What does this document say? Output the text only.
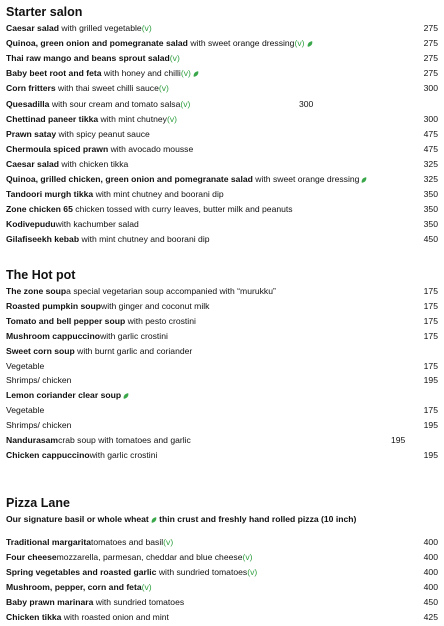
Starter salon
Caesar salad with grilled vegetable(v)	275
Quinoa, green onion and pomegranate salad with sweet orange dressing(v)	275
Thai raw mango and beans sprout salad(v)	275
Baby beet root and feta with honey and chilli(v)	275
Corn fritters with thai sweet chilli sauce(v)	300
Quesadilla with sour cream and tomato salsa(v)	300
Chettinad paneer tikka with mint chutney(v)	300
Prawn satay with spicy peanut sauce	475
Chermoula spiced prawn with avocado mousse	475
Caesar salad with chicken tikka	325
Quinoa, grilled chicken, green onion and pomegranate salad with sweet orange dressing	325
Tandoori murgh tikka with mint chutney and boorani dip	350
Zone chicken 65 chicken tossed with curry leaves, butter milk and peanuts	350
Kodivepuduwith kachumber salad	350
Gilafiseekh kebab with mint chutney and boorani dip	450
The Hot pot
The zone soupa special vegetarian soup accompanied with “murukku”	175
Roasted pumpkin soupwith ginger and coconut milk	175
Tomato and bell pepper soup with pesto crostini	175
Mushroom cappuccinowith garlic crostini	175
Sweet corn soup with burnt garlic and coriander
Vegetable	175
Shrimps/ chicken	195
Lemon coriander clear soup
Vegetable	175
Shrimps/ chicken	195
Nandurasamcrab soup with tomatoes and garlic	195
Chicken cappuccinowith garlic crostini	195
Pizza Lane
Our signature basil or whole wheat thin crust and freshly hand rolled pizza (10 inch)
Traditional margaritatomatoes and basil(v)	400
Four cheesemozzarella, parmesan, cheddar and blue cheese(v)	400
Spring vegetables and roasted garlic with sundried tomatoes(v)	400
Mushroom, pepper, corn and feta(v)	400
Baby prawn marinara with sundried tomatoes	450
Chicken tikka with roasted onion and mint	425
